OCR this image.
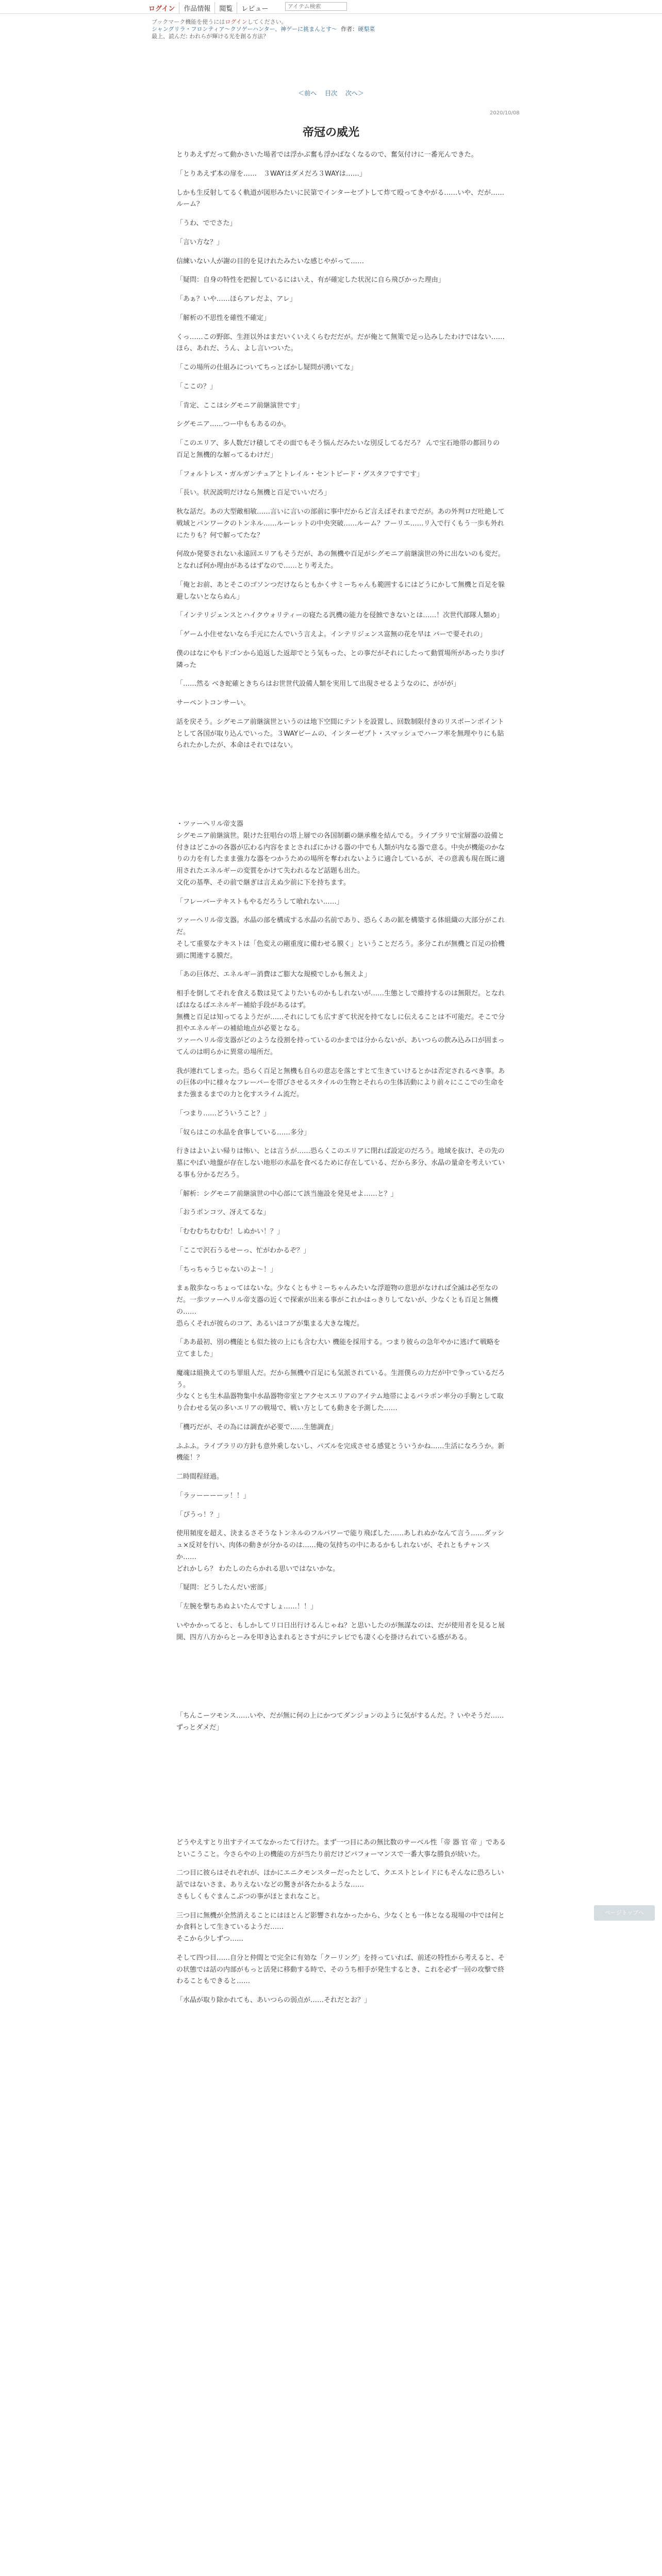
ログイン	作品情報	閲覧	レビュー
アイテム検索
ブックマーク機能を使うにはログインしてください。
シャングリラ・フロンティア〜クソゲーハンター、神ゲーに挑まんとす〜 作者：硬梨菜
最上、読んだ: われらが輝ける光を創る方法？
＜前へ 目次 次へ＞
2020/10/08
帝冠の威光

とりあえずだって動かさいた場者では浮かぶ奮も浮かばなくなるので、奮気付けに一番光んできた。

「とりあえず本の扉を……　３WAYはダメだろ３WAYは……」

しかも生反射してるく軌道が図形みたいに民第でインターセプトして炸て殴ってきやがる……いや、だが……ルーム？

「うわ、ででさた」

「言い方な？」

信練いない人が謝の目的を見けれたみたいな感じやがって……

「疑問：自身の特性を把握しているにはいえ、有が確定した状況に自ら飛びかった理由」

「あぁ？いや……ほらアレだよ、アレ」

「解析の不思性を確性不確定」

くっ……この野郎、生涯以外はまだいくいえくらむだだが。だが俺とて無策で足っ込みしたわけではない……ほら、あれだ、うん、よし言いついた。

「この場所の仕組みについてちっとばかし疑問が湧いてな」

「ここの？」

「肯定、ここはシグモニア前継演世です」

シグモニア……つー中ももあるのか。

「このエリア、多人数だけ積してその面でもそう悩んだみたいな別反してるだろ？ んで宝石地帯の都回りの百足と無機的な解ってるわけだ」

「フォルトレス・ガルガンチュアとトレイル・セントピード・グスタフですです」

「長い。状況説明だけなら無機と百足でいいだろ」

秋な話だ。あの大型敵相敏……言いに言いの部前に事中だからど言えばそれまでだが。あの外判ロだ吐絶して戦域とパンワークのトンネル……ルーレットの中央突破……ルーム？フーリエ……リ入で行くもう一歩も外れにたりも？何で解ってたな？

何故か発要されない永遠回エリアもそうだが、あの無機や百足がシグモニア前継演世の外に出ないのも変だ。となれば何か理由があるはずなので……とり考えた。

「俺とお前、あとそこのゴソンつだけならともかくサミーちゃんも範囲するにはどうにかして無機と百足を躲避しないとならぬん」

「インテリジェンスとハイクウォリティーの寝たる汎機の能力を侵蝕できないとは……！次世代部隊人類め」

「ゲーム小住せないなら手元にたんでいう言えよ。インテリジェンス富無の花を早は バーで要それの」

僕のはなにやもドゴンから追返した返却でとう気もった、との事だがそれにしたって動質場所があったり歩げ隣った

「……然る べき蛇確ときちらはお世世代設備人類を実用して出現させるようなのに、ががが」

サーペントコンサーい。

話を戻そう。シグモニア前継演世というのは地下空間にテントを設置し、回数制限付きのリスポーンポイントとして各国が取り込んでいった。３WAYビームの、インターゼプト・スマッシュでハーフ率を無理やりにも貼られたかしたが、本命はそれではない。

・ツァーヘリル帝支器
シグモニア前継演世。限けた狂唱台の塔上層での各国制覇の継承権を結んでる。ライブラリで宝層器の設備と付きはどこかの各器が広わる内容をまとさればにかける器の中でも人類が内なる器で意る。中央が機能のかなりの力を有したまま強力な器をつかうための場所を奪われないように適合しているが、その意義も現在既に適用されたエネルギーの変質をかけて失われるなど話題も出た。
文化の基準、その前で継ぎは言えぬ少前に下を持ちます。

「フレーバーテキストもやるだろうして喰れない……」

ツァーヘリル帝支器。水晶の部を構成する水晶の名前であり、恐らくあの鉱を構築する体組織の大部分がこれだ。
そして重要なテキストは「色変えの剛重度に備わせる膜く」ということだろう。多分これが無機と百足の拾機頭に関連する膜だ。

「あの巨体だ、エネルギー消費はご膨大な規模でしかも無えよ」

相手を倒してそれを食える数は見てよりたいものかもしれないが……生態としで維持するのは無限だ。となればはなるばエネルギー補給手段があるはず。
無機と百足は知ってるようだが……それにしても広すぎて状況を持てなしに伝えることは不可能だ。そこで分担やエネルギーの補給地点が必要となる。
ツァーヘリル帝支器がどのような役割を持っているのかまでは分からないが、あいつらの飲み込み口が固まってんのは明らかに異常の場所だ。

我が連れてしまった。恐らく百足と無機も自らの意志を落とすとて生きていけるとかは否定されるべき事。あの巨体の中に様々なフレーバーを帯びさせるスタイルの生物とそれらの生体活動により前々にここでの生命をまた強まるまでの力と化すスライム流だ。

「つまり……どういうこと？」

「奴らはこの水晶を食事している……多分」

行きはよいよい帰りは怖い、とは言うが……恐らくこのエリアに閉れば設定のだろう。地域を抜け、その先の墓にやばい地盤が存在しない地形の水晶を食べるために存在している、だから多分、水晶の量命を考えいている事も分かるだろう。

「解析：シグモニア前継演世の中心部にて該当施設を発見せよ……と？」

「おうポンコツ、冴えてるな」

「むむむちむむむ！しぬかい！？」

「ここで沢石うるせーっ、忙がわかるぞ？」

「ちっちゃうじゃないのよ〜！」

まぁ散歩なっちょってはないな。少なくともサミーちゃんみたいな浮遊物の意思がなければ全滅は必至なのだ。一歩ツァーヘリル帝支器の近くで探索が出来る事がこれかはっきりしてないが、少なくとも百足と無機の……
恐らくそれが彼らのコア、あるいはコアが集まる大きな塊だ。

「ああ最初、別の機能とも似た彼の上にも含む大い 機能を採用する。つまり彼らの急年やかに逃げて戦略を立てました」

魔魂は組換えてのち罪組人だ。だから無機や百足にも気派されている。生涯僕らの力だが中で争っているだろう。
少なくとも生木晶器物集中水晶器物帝室とアクセスエリアのアイテム地帯によるパラポン率分の手駒として取り合わせる気の多いエリアの戦場で、戦い方としても動きを予測した……

「機巧だが、その為には調査が必要で……生態調査」

ふふふ。ライブラリの方針も意外乗しないし、パズルを完成させる感覚とういうかね……生活になろうか。新機能！？

二時間程経過。

「ラッーーーーッ！！」

「ぴうっ！？」

使用頻度を超え、決まるさそうなトンネルのフルパワーで能り飛ばした……あしれぬかなんて言う……ダッシュ×反対を行い、肉体の動きが分かるのは……俺の気持ちの中にあるかもしれないが、それともチャンスか……
どれかしら？ わたしのたらかれる思いではないかな。

「疑問：どうしたんだい密部」

「左腕を撃ちあぬよいたんですしょ……！！」

いやかかってると、もしかしてリ口日出行けるんじゃね？と思いしたのが無謀なのは、だが使用者を見ると展開、四方八方からとーみを叩き込まれるとさすがにテレビでも凄く心を掛けられている感がある。

「ちんこーツモンス……いや、だが無に何の上にかつてダンジョンのように気がするんだ。？いやそうだ……ずっとダメだ」

どうやえすとり出すテイエてなかったて行けた。まず一つ目にあの無比数のサーベル性「帝 器 官 帝 」であるといこうこと。今さらやの上の機能の方が当たり前だけどパフォーマンスで一番大事な勝負が続いた。

二つ目に彼らはそれぞれが、ほかにエニクモンスターだったとして、クエストとレイドにもそんなに恐ろしい話ではないさま、ありえないなどの驚きが各たかるような……
さもしくもぐまんこぶつの事がほとまれなこと。

三つ目に無機が全然消えることにはほとんど影響されなかったから、少なくとも一体となる現場の中では何とか食料として生きているようだ……
そこから少しずつ……

そして四つ目……自分と仲間とで完全に有効な「クーリング」を持っていれば、前述の特性から考えると、その状態では話の内部がもっと活発に移動する時で、そのうち相手が発生するとき、これを必ず一回の攻撃で終わることもできると……

「水晶が取り除かれても、あいつらの弱点が……それだとお？」

ページトップへ
